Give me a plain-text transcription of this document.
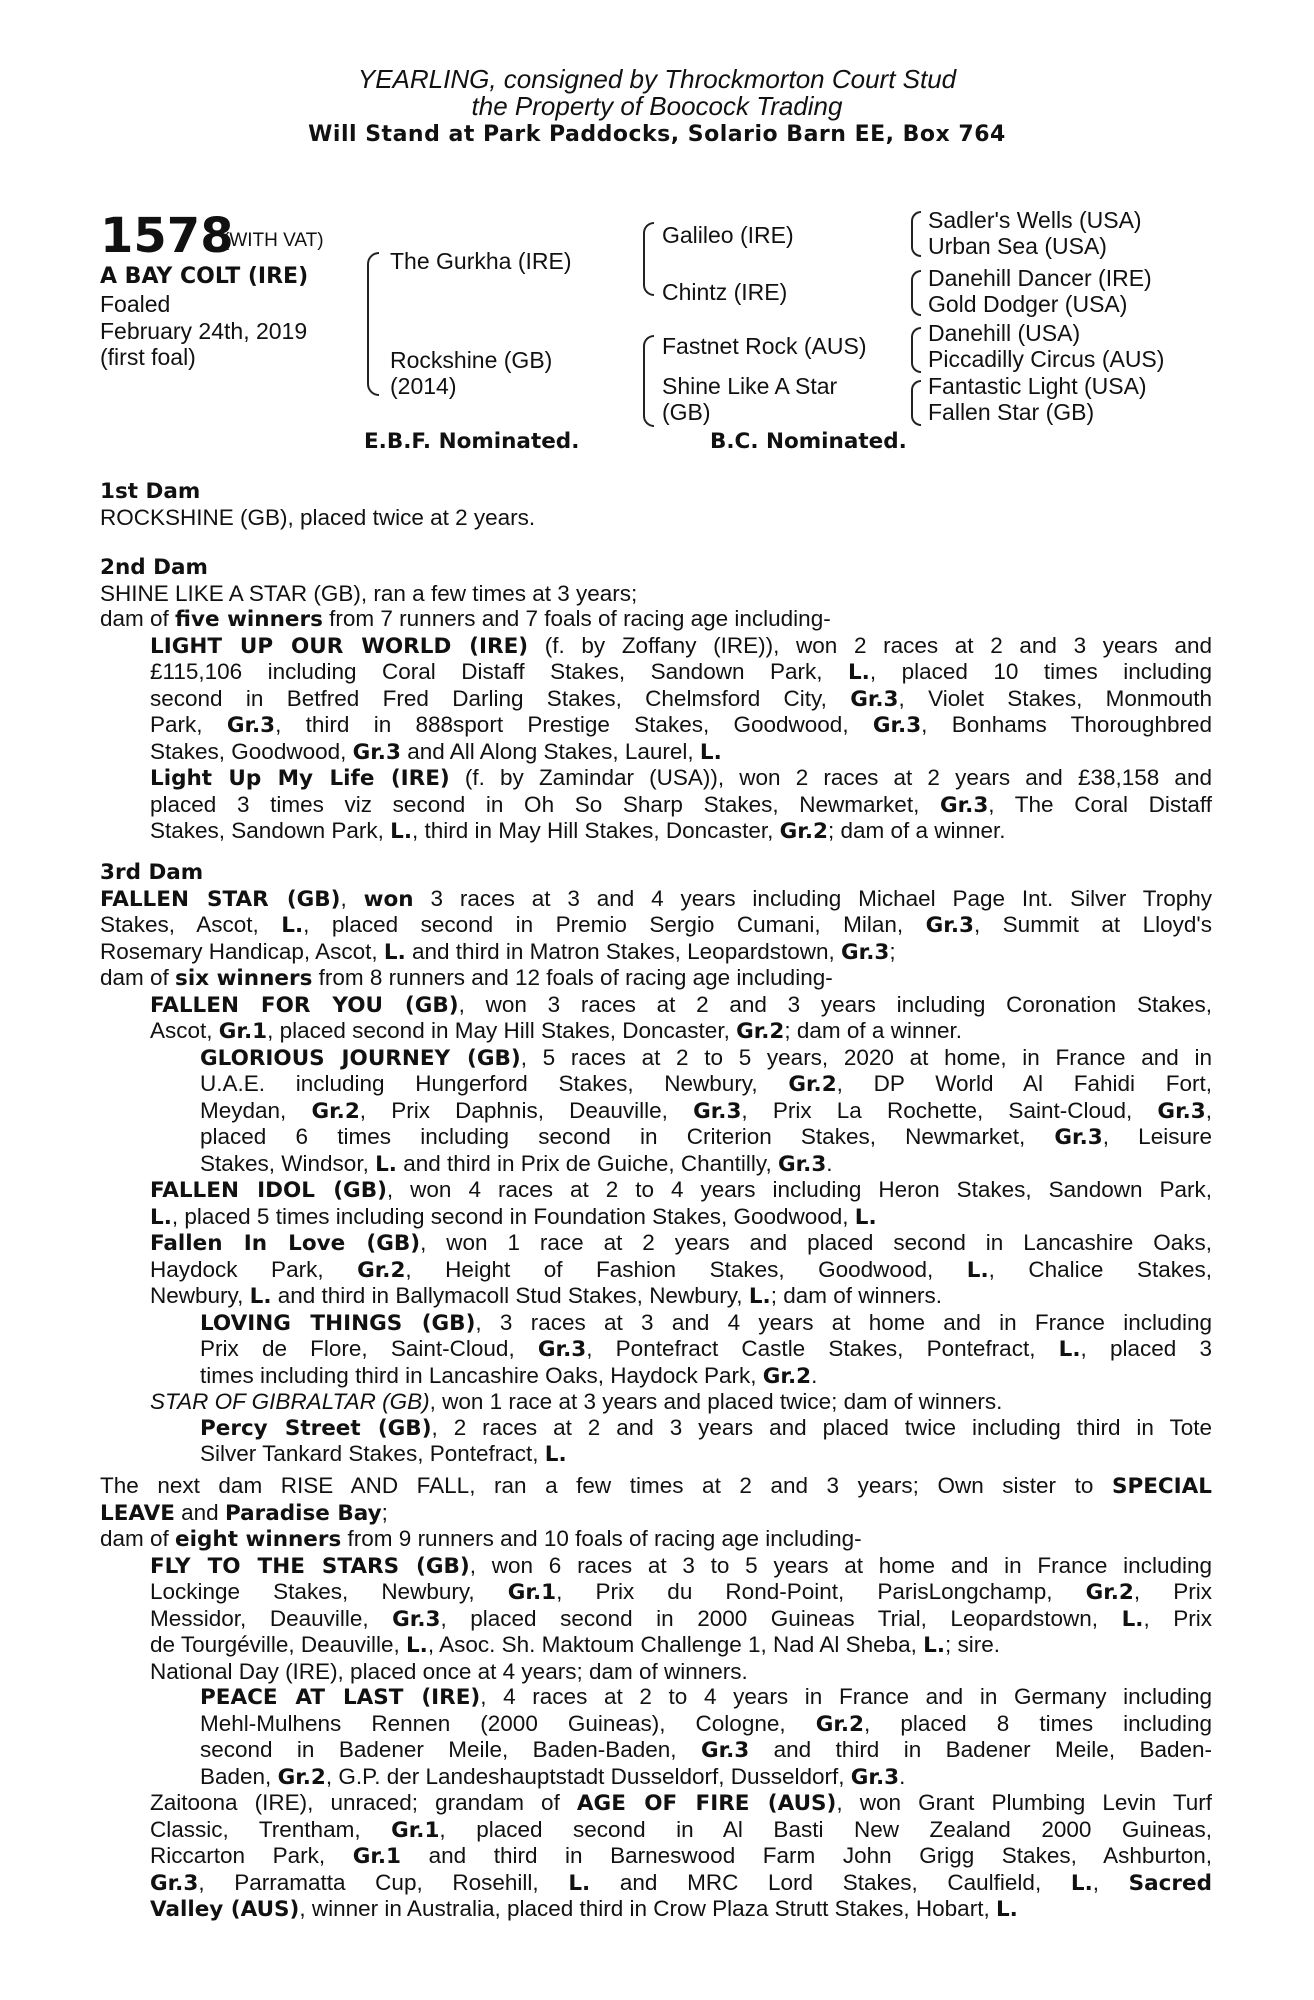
YEARLING, consigned by Throckmorton Court Stud
the Property of Boocock Trading
Will Stand at Park Paddocks, Solario Barn EE, Box 764
1578
(WITH VAT)
A BAY COLT (IRE)
Foaled
February 24th, 2019
(first foal)
The Gurkha (IRE)
Rockshine (GB)
(2014)
Galileo (IRE)
Chintz (IRE)
Fastnet Rock (AUS)
Shine Like A Star
(GB)
Sadler's Wells (USA)
Urban Sea (USA)
Danehill Dancer (IRE)
Gold Dodger (USA)
Danehill (USA)
Piccadilly Circus (AUS)
Fantastic Light (USA)
Fallen Star (GB)
E.B.F. Nominated.	B.C. Nominated.
1st Dam
ROCKSHINE (GB), placed twice at 2 years.
2nd Dam
SHINE LIKE A STAR (GB), ran a few times at 3 years;
dam of five winners from 7 runners and 7 foals of racing age including-
LIGHT UP OUR WORLD (IRE) (f. by Zoffany (IRE)), won 2 races at 2 and 3 years and
£115,106 including Coral Distaff Stakes, Sandown Park, L., placed 10 times including
second in Betfred Fred Darling Stakes, Chelmsford City, Gr.3, Violet Stakes, Monmouth
Park, Gr.3, third in 888sport Prestige Stakes, Goodwood, Gr.3, Bonhams Thoroughbred
Stakes, Goodwood, Gr.3 and All Along Stakes, Laurel, L.
Light Up My Life (IRE) (f. by Zamindar (USA)), won 2 races at 2 years and £38,158 and
placed 3 times viz second in Oh So Sharp Stakes, Newmarket, Gr.3, The Coral Distaff
Stakes, Sandown Park, L., third in May Hill Stakes, Doncaster, Gr.2; dam of a winner.
3rd Dam
FALLEN STAR (GB), won 3 races at 3 and 4 years including Michael Page Int. Silver Trophy
Stakes, Ascot, L., placed second in Premio Sergio Cumani, Milan, Gr.3, Summit at Lloyd's
Rosemary Handicap, Ascot, L. and third in Matron Stakes, Leopardstown, Gr.3;
dam of six winners from 8 runners and 12 foals of racing age including-
FALLEN FOR YOU (GB), won 3 races at 2 and 3 years including Coronation Stakes,
Ascot, Gr.1, placed second in May Hill Stakes, Doncaster, Gr.2; dam of a winner.
GLORIOUS JOURNEY (GB), 5 races at 2 to 5 years, 2020 at home, in France and in
U.A.E. including Hungerford Stakes, Newbury, Gr.2, DP World Al Fahidi Fort,
Meydan, Gr.2, Prix Daphnis, Deauville, Gr.3, Prix La Rochette, Saint-Cloud, Gr.3,
placed 6 times including second in Criterion Stakes, Newmarket, Gr.3, Leisure
Stakes, Windsor, L. and third in Prix de Guiche, Chantilly, Gr.3.
FALLEN IDOL (GB), won 4 races at 2 to 4 years including Heron Stakes, Sandown Park,
L., placed 5 times including second in Foundation Stakes, Goodwood, L.
Fallen In Love (GB), won 1 race at 2 years and placed second in Lancashire Oaks,
Haydock Park, Gr.2, Height of Fashion Stakes, Goodwood, L., Chalice Stakes,
Newbury, L. and third in Ballymacoll Stud Stakes, Newbury, L.; dam of winners.
LOVING THINGS (GB), 3 races at 3 and 4 years at home and in France including
Prix de Flore, Saint-Cloud, Gr.3, Pontefract Castle Stakes, Pontefract, L., placed 3
times including third in Lancashire Oaks, Haydock Park, Gr.2.
STAR OF GIBRALTAR (GB), won 1 race at 3 years and placed twice; dam of winners.
Percy Street (GB), 2 races at 2 and 3 years and placed twice including third in Tote
Silver Tankard Stakes, Pontefract, L.
The next dam RISE AND FALL, ran a few times at 2 and 3 years; Own sister to SPECIAL
LEAVE and Paradise Bay;
dam of eight winners from 9 runners and 10 foals of racing age including-
FLY TO THE STARS (GB), won 6 races at 3 to 5 years at home and in France including
Lockinge Stakes, Newbury, Gr.1, Prix du Rond-Point, ParisLongchamp, Gr.2, Prix
Messidor, Deauville, Gr.3, placed second in 2000 Guineas Trial, Leopardstown, L., Prix
de Tourgéville, Deauville, L., Asoc. Sh. Maktoum Challenge 1, Nad Al Sheba, L.; sire.
National Day (IRE), placed once at 4 years; dam of winners.
PEACE AT LAST (IRE), 4 races at 2 to 4 years in France and in Germany including
Mehl-Mulhens Rennen (2000 Guineas), Cologne, Gr.2, placed 8 times including
second in Badener Meile, Baden-Baden, Gr.3 and third in Badener Meile, Baden-
Baden, Gr.2, G.P. der Landeshauptstadt Dusseldorf, Dusseldorf, Gr.3.
Zaitoona (IRE), unraced; grandam of AGE OF FIRE (AUS), won Grant Plumbing Levin Turf
Classic, Trentham, Gr.1, placed second in Al Basti New Zealand 2000 Guineas,
Riccarton Park, Gr.1 and third in Barneswood Farm John Grigg Stakes, Ashburton,
Gr.3, Parramatta Cup, Rosehill, L. and MRC Lord Stakes, Caulfield, L., Sacred
Valley (AUS), winner in Australia, placed third in Crow Plaza Strutt Stakes, Hobart, L.
